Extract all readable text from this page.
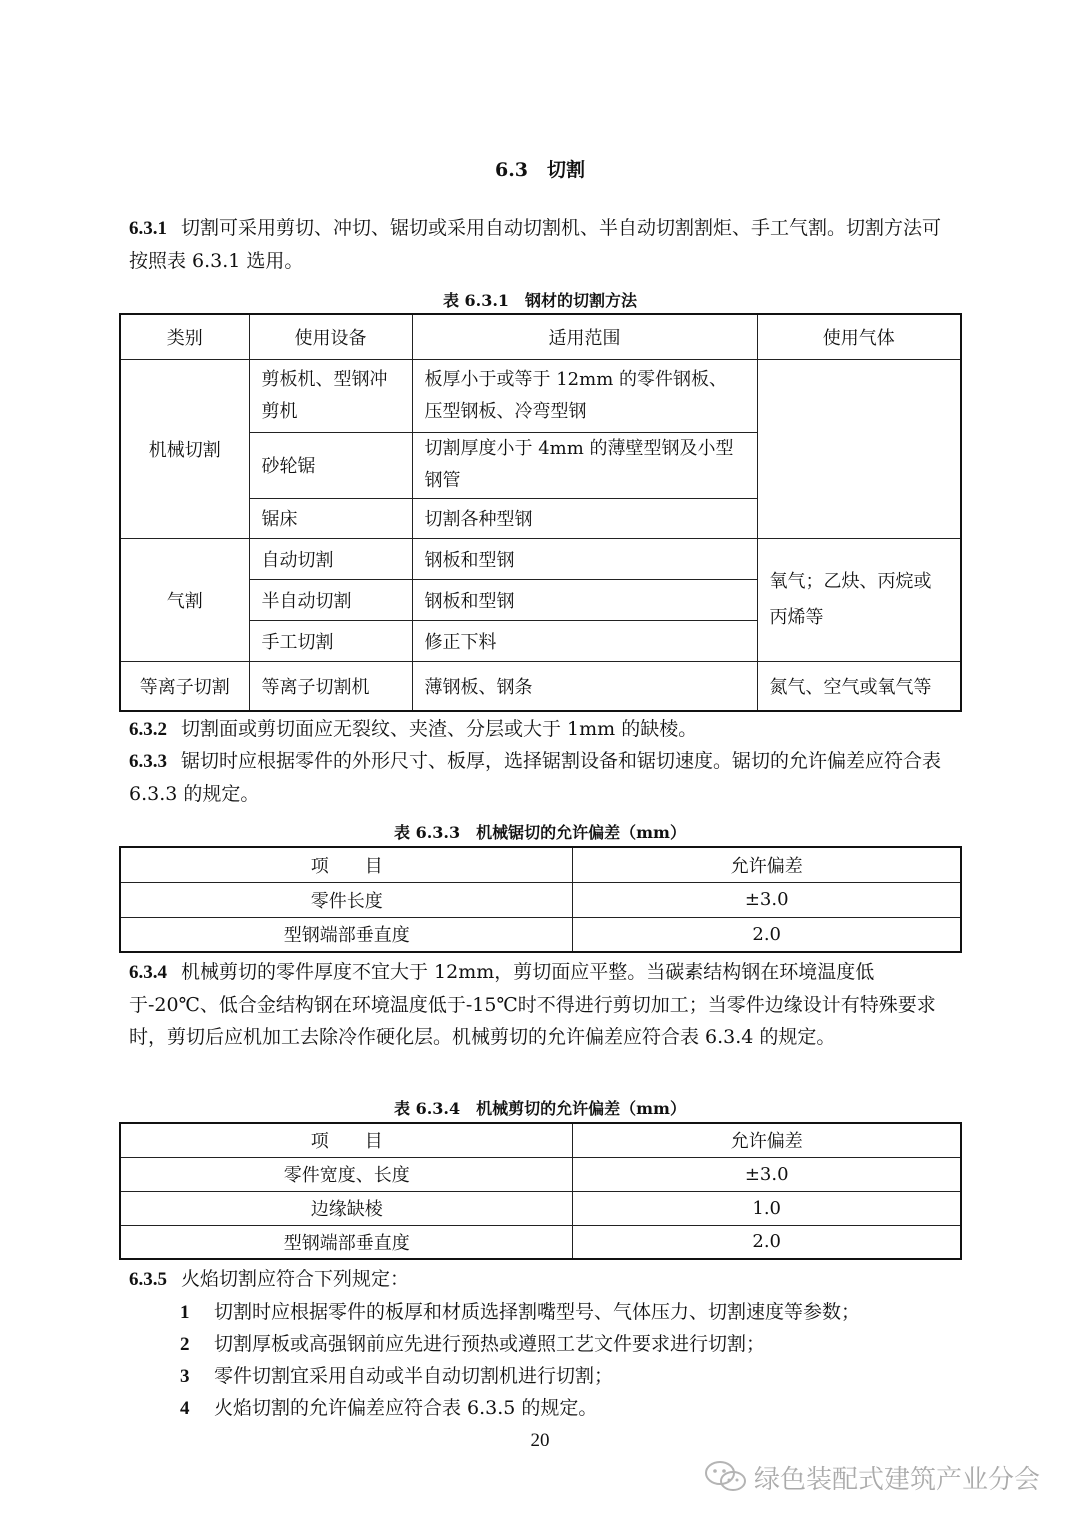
6.3　切割
6.3.1 切割可采用剪切、冲切、锯切或采用自动切割机、半自动切割割炬、手工气割。切割方法可按照表 6.3.1 选用。
表 6.3.1　钢材的切割方法
类别	使用设备	适用范围	使用气体
机械切割	剪板机、型钢冲剪机	板厚小于或等于 12mm 的零件钢板、压型钢板、冷弯型钢	
	砂轮锯	切割厚度小于 4mm 的薄壁型钢及小型钢管	
	锯床	切割各种型钢	
气割	自动切割	钢板和型钢	氧气；乙炔、丙烷或丙烯等
	半自动切割	钢板和型钢	
	手工切割	修正下料	
等离子切割	等离子切割机	薄钢板、钢条	氮气、空气或氧气等
6.3.2 切割面或剪切面应无裂纹、夹渣、分层或大于 1mm 的缺棱。
6.3.3 锯切时应根据零件的外形尺寸、板厚，选择锯割设备和锯切速度。锯切的允许偏差应符合表 6.3.3 的规定。
表 6.3.3　机械锯切的允许偏差（mm）
项　　目	允许偏差
零件长度	±3.0
型钢端部垂直度	2.0
6.3.4 机械剪切的零件厚度不宜大于 12mm，剪切面应平整。当碳素结构钢在环境温度低于-20℃、低合金结构钢在环境温度低于-15℃时不得进行剪切加工；当零件边缘设计有特殊要求时，剪切后应机加工去除冷作硬化层。机械剪切的允许偏差应符合表 6.3.4 的规定。
表 6.3.4　机械剪切的允许偏差（mm）
项　　目	允许偏差
零件宽度、长度	±3.0
边缘缺棱	1.0
型钢端部垂直度	2.0
6.3.5 火焰切割应符合下列规定：
1 切割时应根据零件的板厚和材质选择割嘴型号、气体压力、切割速度等参数；
2 切割厚板或高强钢前应先进行预热或遵照工艺文件要求进行切割；
3 零件切割宜采用自动或半自动切割机进行切割；
4 火焰切割的允许偏差应符合表 6.3.5 的规定。
20
绿色装配式建筑产业分会
